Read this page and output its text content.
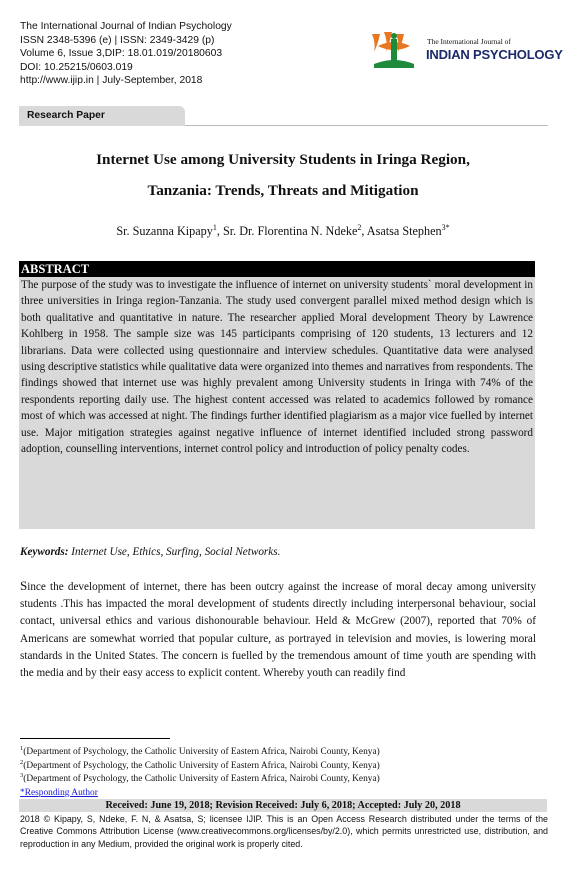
The International Journal of Indian Psychology
ISSN 2348-5396 (e) | ISSN: 2349-3429 (p)
Volume 6, Issue 3,DIP: 18.01.019/20180603
DOI: 10.25215/0603.019
http://www.ijip.in | July-September, 2018
Research Paper
The International Journal of
INDIAN PSYCHOLOGY
Internet Use among University Students in Iringa Region,
Tanzania: Trends, Threats and Mitigation
Sr. Suzanna Kipapy$^1$, Sr. Dr. Florentina N. Ndeke$^2$, Asatsa Stephen$^{3*}$
ABSTRACT
The purpose of the study was to investigate the influence of internet on university students` moral development in three universities in Iringa region-Tanzania. The study used convergent parallel mixed method design which is both qualitative and quantitative in nature. The researcher applied Moral development Theory by Lawrence Kohlberg in 1958. The sample size was 145 participants comprising of 120 students, 13 lecturers and 12 librarians. Data were collected using questionnaire and interview schedules. Quantitative data were analysed using descriptive statistics while qualitative data were organized into themes and narratives from respondents. The findings showed that internet use was highly prevalent among University students in Iringa with 74% of the respondents reporting daily use. The highest content accessed was related to academics followed by romance most of which was accessed at night. The findings further identified plagiarism as a major vice fuelled by internet use. Major mitigation strategies against negative influence of internet identified included strong password adoption, counselling interventions, internet control policy and introduction of policy penalty codes.
Keywords: Internet Use, Ethics, Surfing, Social Networks.
Since the development of internet, there has been outcry against the increase of moral decay among university students .This has impacted the moral development of students directly including interpersonal behaviour, social contact, universal ethics and various dishonourable behaviour. Held & McGrew (2007), reported that 70% of Americans are somewhat worried that popular culture, as portrayed in television and movies, is lowering moral standards in the United States. The concern is fuelled by the tremendous amount of time youth are spending with the media and by their easy access to explicit content. Whereby youth can readily find
$^1$(Department of Psychology, the Catholic University of Eastern Africa, Nairobi County, Kenya)
$^2$(Department of Psychology, the Catholic University of Eastern Africa, Nairobi County, Kenya)
$^3$(Department of Psychology, the Catholic University of Eastern Africa, Nairobi County, Kenya)
*Responding Author
Received: June 19, 2018; Revision Received: July 6, 2018; Accepted: July 20, 2018
2018 © Kipapy, S, Ndeke, F. N, & Asatsa, S; licensee IJIP. This is an Open Access Research distributed under the terms of the Creative Commons Attribution License (www.creativecommons.org/licenses/by/2.0), which permits unrestricted use, distribution, and reproduction in any Medium, provided the original work is properly cited.
